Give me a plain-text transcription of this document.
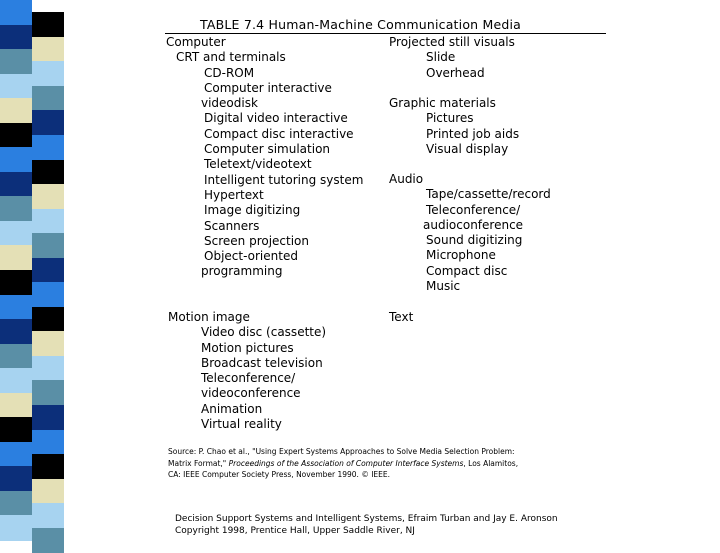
TABLE 7.4 Human-Machine Communication Media
Computer
CRT and terminals
CD-ROM
Computer interactive
videodisk
Digital video interactive
Compact disc interactive
Computer simulation
Teletext/videotext
Intelligent tutoring system
Hypertext
Image digitizing
Scanners
Screen projection
Object-oriented
programming
Motion image
Video disc (cassette)
Motion pictures
Broadcast television
Teleconference/
videoconference
Animation
Virtual reality
Projected still visuals
Slide
Overhead
Graphic materials
Pictures
Printed job aids
Visual display
Audio
Tape/cassette/record
Teleconference/
audioconference
Sound digitizing
Microphone
Compact disc
Music
Text
Source: P. Chao et al., "Using Expert Systems Approaches to Solve Media Selection Problem:
Matrix Format," Proceedings of the Association of Computer Interface Systems, Los Alamitos,
CA: IEEE Computer Society Press, November 1990. © IEEE.
Decision Support Systems and Intelligent Systems, Efraim Turban and Jay E. Aronson
Copyright 1998, Prentice Hall, Upper Saddle River, NJ
